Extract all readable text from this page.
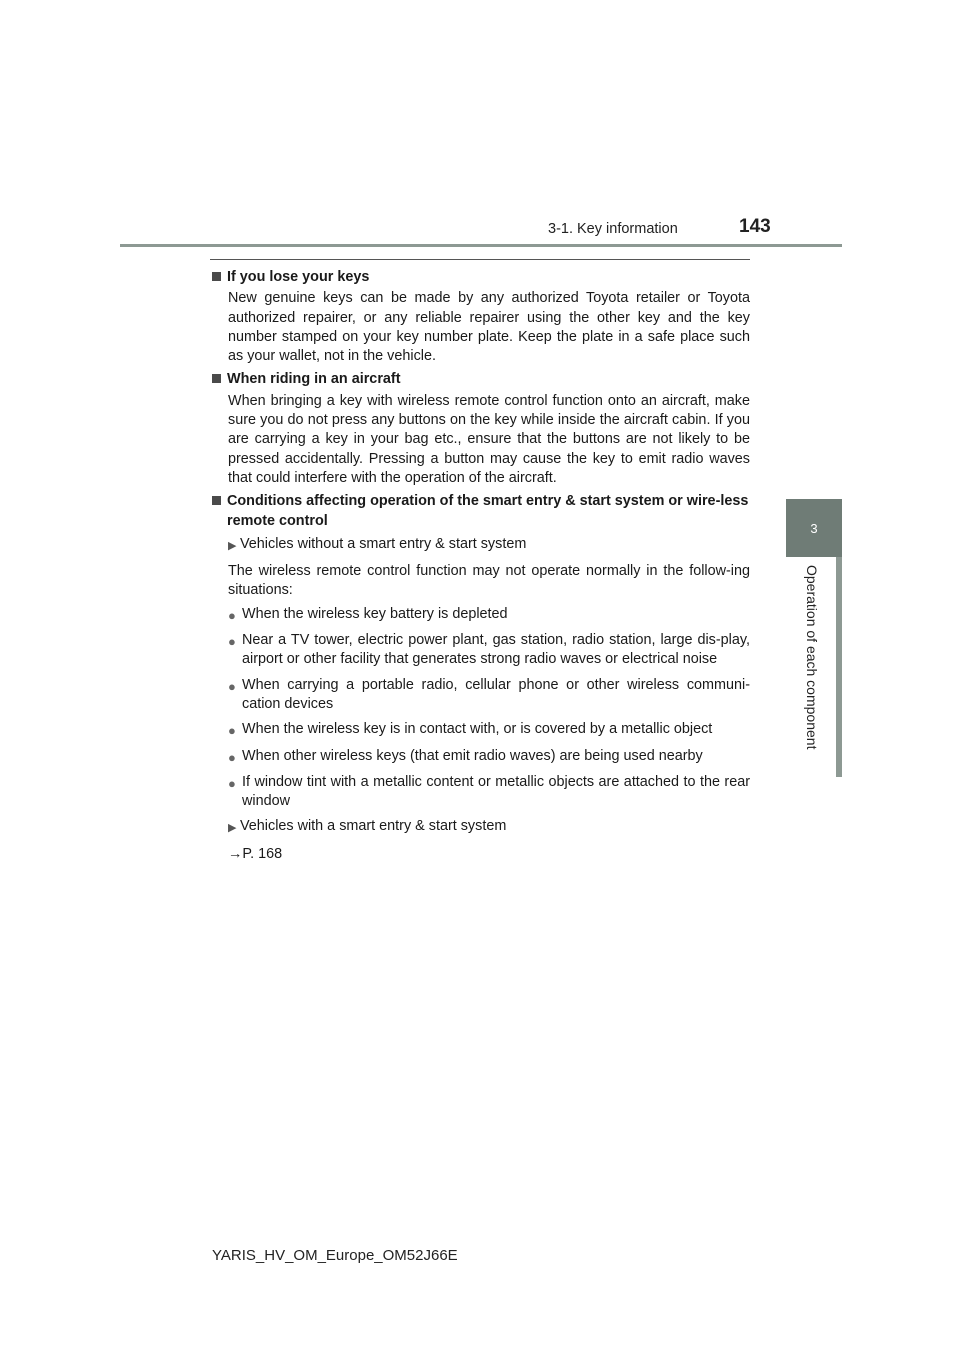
3-1. Key information	143
3
Operation of each component
If you lose your keys
New genuine keys can be made by any authorized Toyota retailer or Toyota authorized repairer, or any reliable repairer using the other key and the key number stamped on your key number plate. Keep the plate in a safe place such as your wallet, not in the vehicle.
When riding in an aircraft
When bringing a key with wireless remote control function onto an aircraft, make sure you do not press any buttons on the key while inside the aircraft cabin. If you are carrying a key in your bag etc., ensure that the buttons are not likely to be pressed accidentally. Pressing a button may cause the key to emit radio waves that could interfere with the operation of the aircraft.
Conditions affecting operation of the smart entry & start system or wire-less remote control
▶ Vehicles without a smart entry & start system
The wireless remote control function may not operate normally in the follow-ing situations:
● When the wireless key battery is depleted
● Near a TV tower, electric power plant, gas station, radio station, large dis-play, airport or other facility that generates strong radio waves or electrical noise
● When carrying a portable radio, cellular phone or other wireless communi-cation devices
● When the wireless key is in contact with, or is covered by a metallic object
● When other wireless keys (that emit radio waves) are being used nearby
● If window tint with a metallic content or metallic objects are attached to the rear window
▶ Vehicles with a smart entry & start system
→P. 168
YARIS_HV_OM_Europe_OM52J66E
